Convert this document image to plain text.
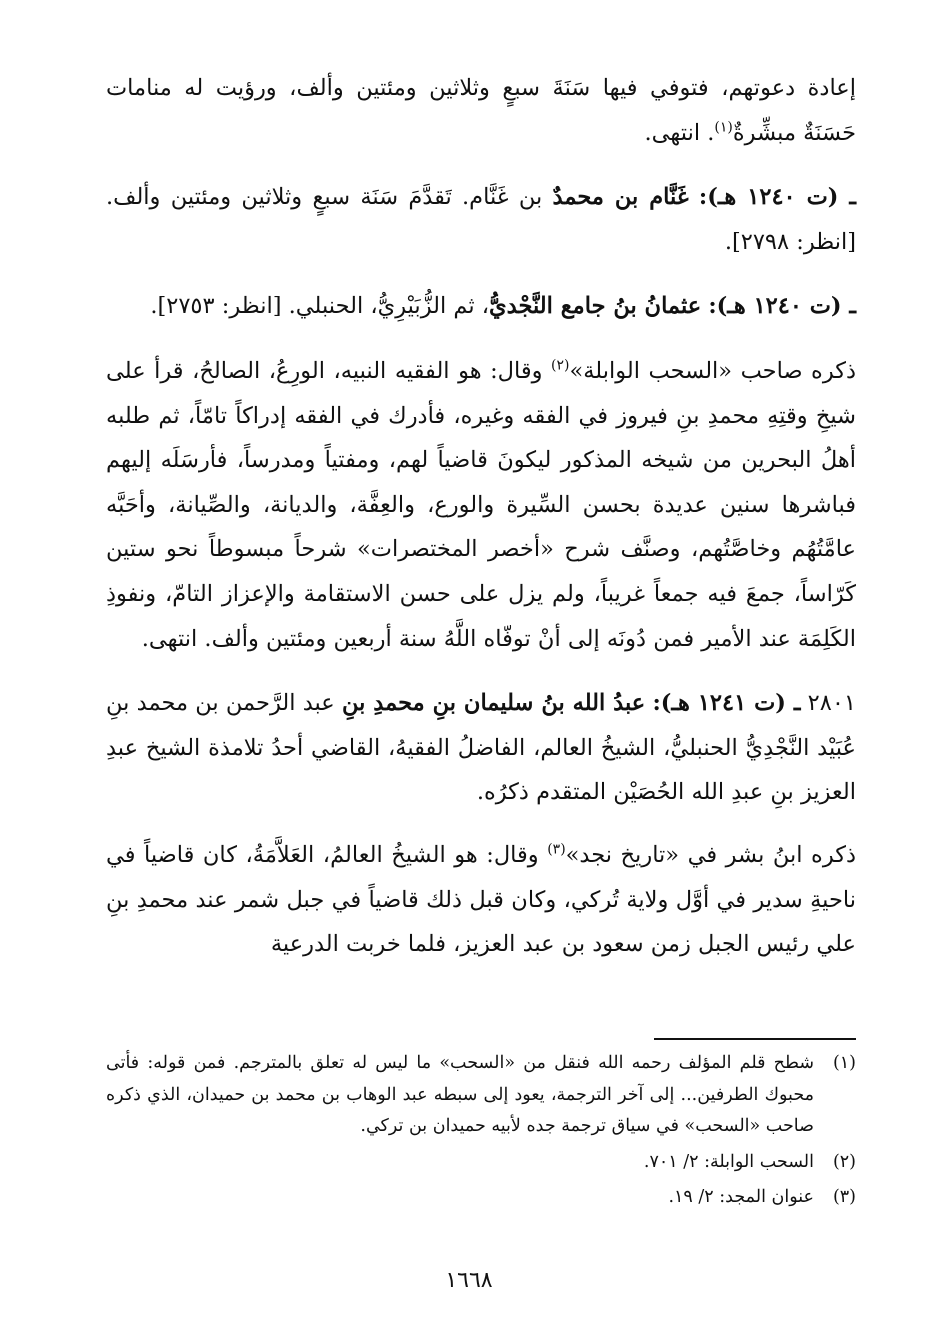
إعادة دعوتهم، فتوفي فيها سَنَةَ سبعٍ وثلاثين ومئتين وألف، ورؤيت له منامات حَسَنَةٌ مبشِّرةٌ$^{(١)}$. انتهى.

ـ (ت ١٢٤٠ هـ): غَنَّام بن محمدٌ بن غَنَّام. تَقدَّمَ سَنَة سبعٍ وثلاثين ومئتين وألف. [انظر: ٢٧٩٨].

ـ (ت ١٢٤٠ هـ): عثمانُ بنُ جامع النَّجْديُّ، ثم الزُّبَيْرِيُّ، الحنبلي. [انظر: ٢٧٥٣].

ذكره صاحب «السحب الوابلة»$^{(٢)}$ وقال: هو الفقيه النبيه، الورِعُ، الصالحُ، قرأ على شيخِ وقتِهِ محمدِ بنِ فيروز في الفقه وغيره، فأدرك في الفقه إدراكاً تامّاً، ثم طلبه أهلُ البحرين من شيخه المذكور ليكونَ قاضياً لهم، ومفتياً ومدرساً، فأرسَلَه إليهم فباشرها سنين عديدة بحسن السِّيرة والورع، والعِفَّة، والديانة، والصِّيانة، وأحَبَّه عامَّتُهُم وخاصَّتُهم، وصنَّف شرح «أخصر المختصرات» شرحاً مبسوطاً نحو ستين كَرّاساً، جمعَ فيه جمعاً غريباً، ولم يزل على حسن الاستقامة والإعزاز التامّ، ونفوذِ الكَلِمَة عند الأمير فمن دُونَه إلى أنْ توفّاه اللَّهُ سنة أربعين ومئتين وألف. انتهى.

٢٨٠١ ـ (ت ١٢٤١ هـ): عبدُ الله بنُ سليمان بنِ محمدِ بنِ عبد الرَّحمن بن محمد بنِ عُبَيْد النَّجْدِيُّ الحنبليُّ، الشيخُ العالم، الفاضلُ الفقيهُ، القاضي أحدُ تلامذة الشيخ عبدِ العزيز بنِ عبدِ الله الحُصَيْن المتقدم ذكرُه.

ذكره ابنُ بشر في «تاريخ نجد»$^{(٣)}$ وقال: هو الشيخُ العالمُ، العَلاَّمَةُ، كان قاضياً في ناحيةِ سدير في أوَّل ولاية تُركي، وكان قبل ذلك قاضياً في جبل شمر عند محمدِ بنِ علي رئيس الجبل زمن سعود بن عبد العزيز، فلما خربت الدرعية

(١)
شطح قلم المؤلف رحمه الله فنقل من «السحب» ما ليس له تعلق بالمترجم. فمن قوله: فأتى محبوك الطرفين... إلى آخر الترجمة، يعود إلى سبطه عبد الوهاب بن محمد بن حميدان، الذي ذكره صاحب «السحب» في سياق ترجمة جده لأبيه حميدان بن تركي.
(٢)
السحب الوابلة: ٢/ ٧٠١.
(٣)
عنوان المجد: ٢/ ١٩.
١٦٦٨
